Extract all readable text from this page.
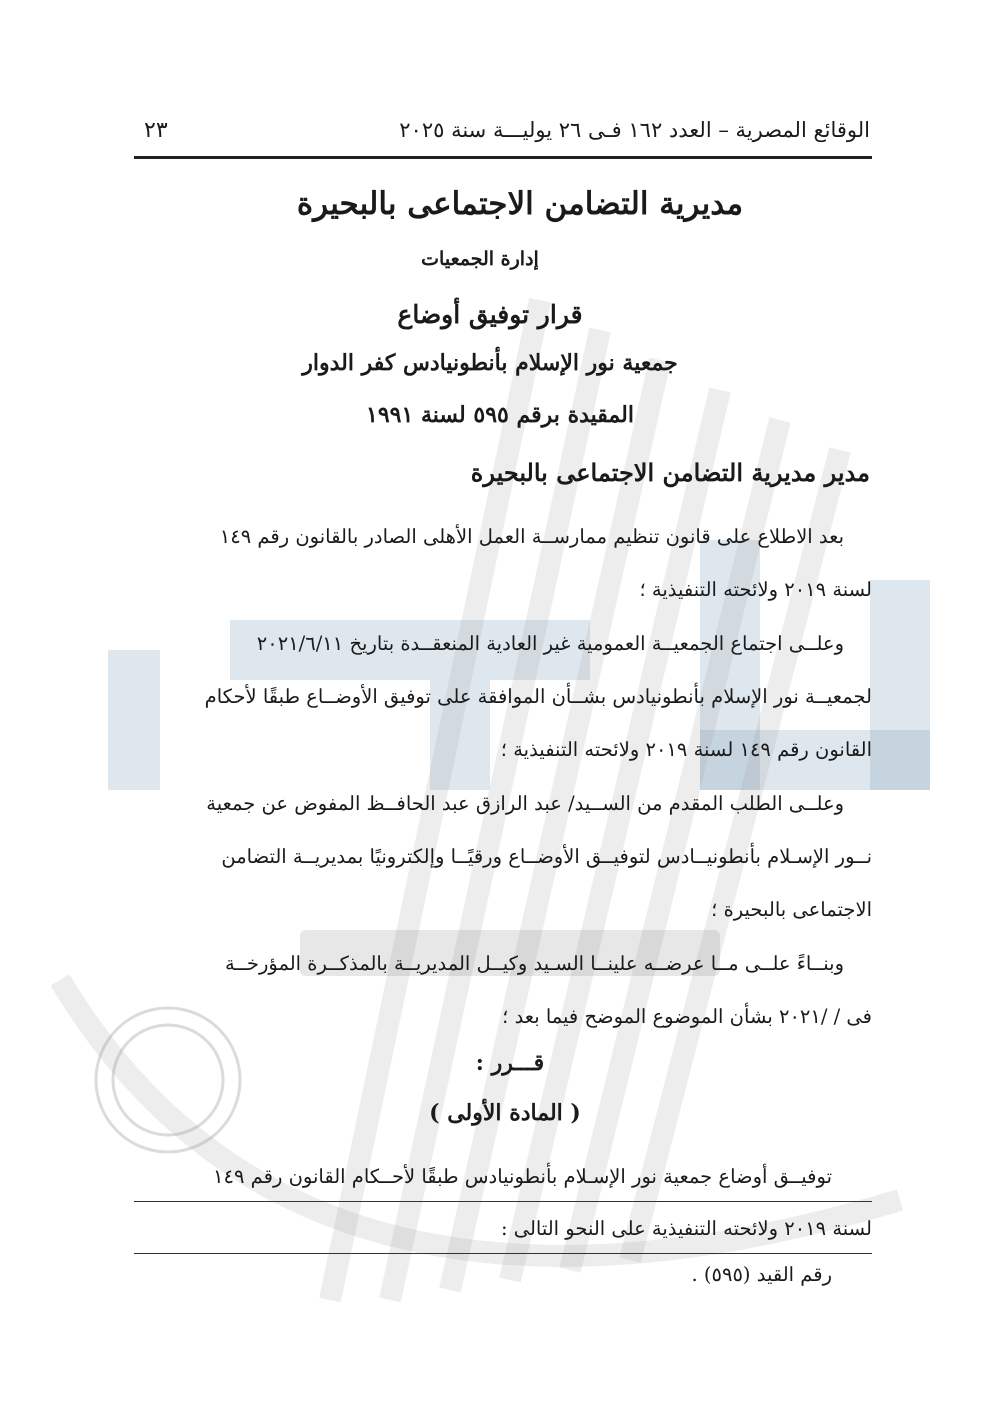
الوقائع المصرية – العدد ١٦٢ فـى ٢٦ يوليـــة سنة ٢٠٢٥
٢٣
مديرية التضامن الاجتماعى بالبحيرة
إدارة الجمعيات
قرار توفيق أوضاع
جمعية نور الإسلام بأنطونيادس كفر الدوار
المقيدة برقم ٥٩٥ لسنة ١٩٩١
مدير مديرية التضامن الاجتماعى بالبحيرة
بعد الاطلاع على قانون تنظيم ممارســة العمل الأهلى الصادر بالقانون رقم ١٤٩
لسنة ٢٠١٩ ولائحته التنفيذية ؛
وعلــى اجتماع الجمعيــة العمومية غير العادية المنعقــدة بتاريخ ٢٠٢١/٦/١١
لجمعيــة نور الإسلام بأنطونيادس بشــأن الموافقة على توفيق الأوضــاع طبقًا لأحكام
القانون رقم ١٤٩ لسنة ٢٠١٩ ولائحته التنفيذية ؛
وعلــى الطلب المقدم من الســيد/ عبد الرازق عبد الحافــظ المفوض عن جمعية
نــور الإسـلام بأنطونيــادس لتوفيــق الأوضــاع ورقيًــا وإلكترونيًا بمديريــة التضامن
الاجتماعى بالبحيرة ؛
وبنــاءً علــى مــا عرضــه علينــا السـيد وكيــل المديريــة بالمذكــرة المؤرخــة
فى / /٢٠٢١ بشأن الموضوع الموضح فيما بعد ؛
قـــرر :
( المادة الأولى )
توفيــق أوضاع جمعية نور الإسـلام بأنطونيادس طبقًا لأحــكام القانون رقم ١٤٩
لسنة ٢٠١٩ ولائحته التنفيذية على النحو التالى :
رقم القيد (٥٩٥) .
